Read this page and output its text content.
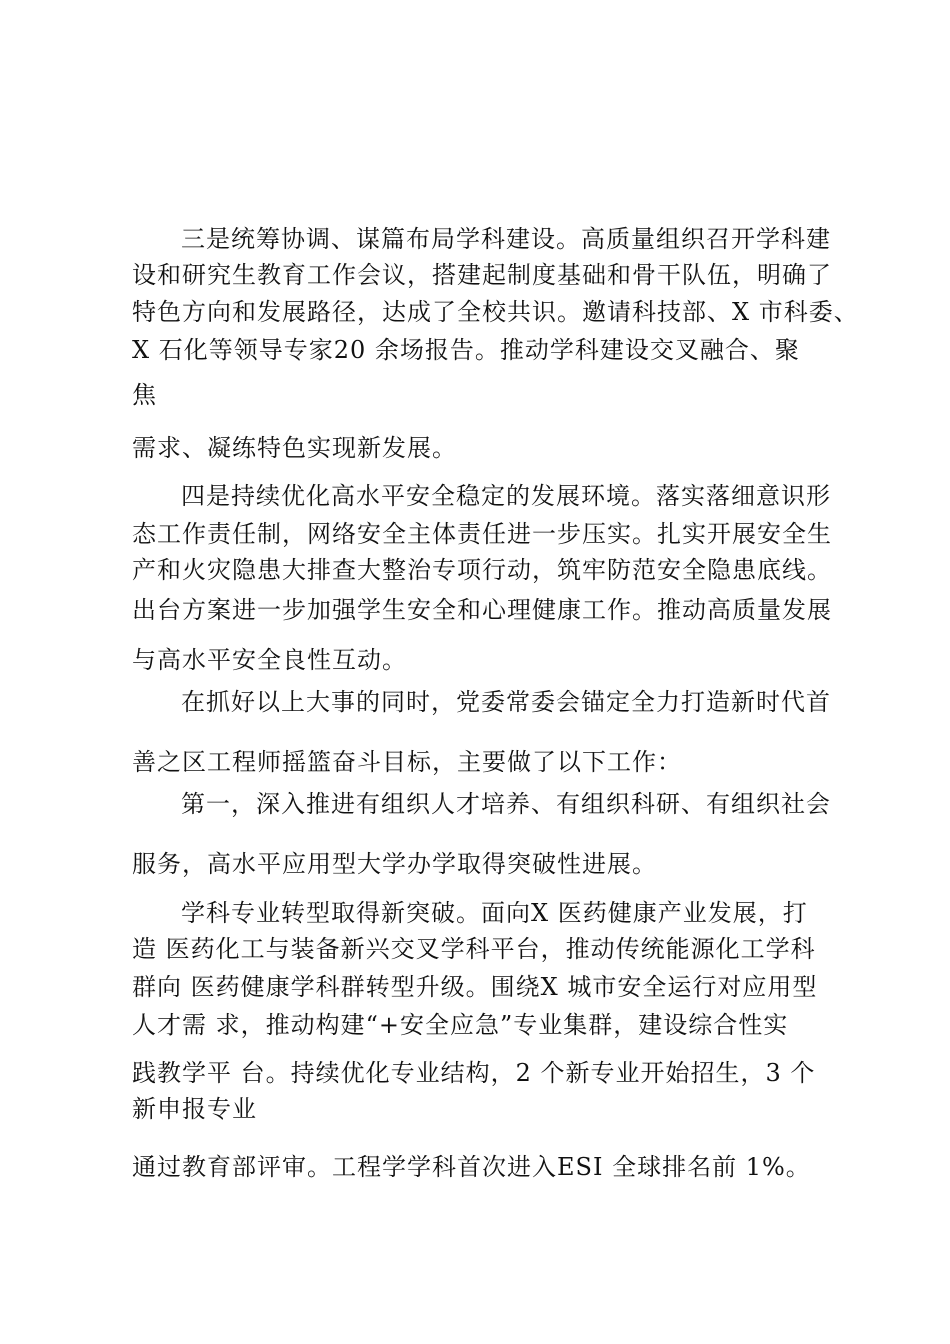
三是统筹协调、谋篇布局学科建设。高质量组织召开学科建
设和研究生教育工作会议，搭建起制度基础和骨干队伍，明确了
特色方向和发展路径，达成了全校共识。邀请科技部、X 市科委、
X 石化等领导专家20 余场报告。推动学科建设交叉融合、聚
焦
需求、凝练特色实现新发展。
四是持续优化高水平安全稳定的发展环境。落实落细意识形
态工作责任制，网络安全主体责任进一步压实。扎实开展安全生
产和火灾隐患大排查大整治专项行动，筑牢防范安全隐患底线。
出台方案进一步加强学生安全和心理健康工作。推动高质量发展
与高水平安全良性互动。
在抓好以上大事的同时，党委常委会锚定全力打造新时代首
善之区工程师摇篮奋斗目标，主要做了以下工作：
第一，深入推进有组织人才培养、有组织科研、有组织社会
服务，高水平应用型大学办学取得突破性进展。
学科专业转型取得新突破。面向X 医药健康产业发展，打
造 医药化工与装备新兴交叉学科平台，推动传统能源化工学科
群向 医药健康学科群转型升级。围绕X 城市安全运行对应用型
人才需 求，推动构建“+安全应急”专业集群，建设综合性实
践教学平 台。持续优化专业结构，2 个新专业开始招生，3 个
新申报专业
通过教育部评审。工程学学科首次进入ESI 全球排名前 1%。
